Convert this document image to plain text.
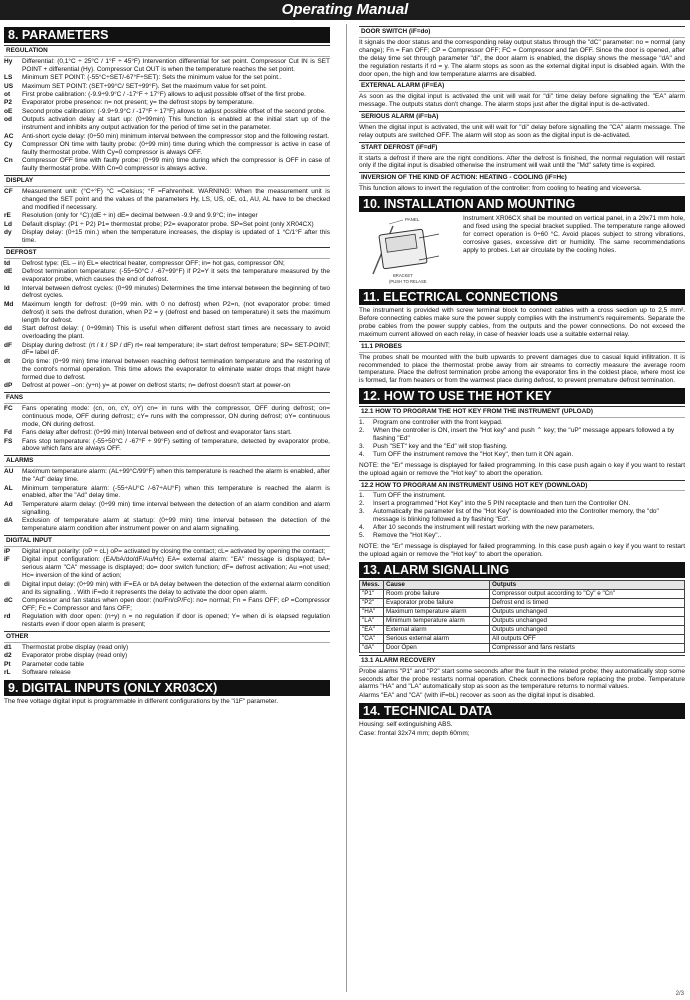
Operating Manual
8. PARAMETERS
REGULATION
Hy	Differential: (0,1°C ÷ 25°C / 1°F ÷ 45°F) Intervention differential for set point. Compressor Cut IN is SET POINT + differential (Hy). Compressor Cut OUT is when the temperature reaches the set point.
LS	Minimum SET POINT: (-55°C÷SET/-67°F÷SET): Sets the minimum value for the set point..
US	Maximum SET POINT: (SET÷99°C/ SET÷99°F). Set the maximum value for set point.
ot	First probe calibration: (-9.9÷9.9°C / -17°F ÷ 17°F) allows to adjust possible offset of the first probe.
P2	Evaporator probe presence: n= not present; y= the defrost stops by temperature.
oE	Second probe calibration: (-9.9÷9.9°C / -17°F ÷ 17°F) allows to adjust possible offset of the second probe.
od	Outputs activation delay at start up: (0÷99min) This function is enabled at the initial start up of the instrument and inhibits any output activation for the period of time set in the parameter.
AC	Anti-short cycle delay: (0÷50 min) minimum interval between the compressor stop and the following restart.
Cy	Compressor ON time with faulty probe: (0÷99 min) time during which the compressor is active in case of faulty thermostat probe. With Cy=0 compressor is always OFF.
Cn	Compressor OFF time with faulty probe: (0÷99 min) time during which the compressor is OFF in case of faulty thermostat probe. With Cn=0 compressor is always active.
DISPLAY
CF	Measurement unit: (°C÷°F) °C =Celsius; °F =Fahrenheit. WARNING: When the measurement unit is changed the SET point and the values of the parameters Hy, LS, US, oE, o1, AU, AL have to be checked and modified if necessary.
rE	Resolution (only for °C):(dE ÷ in) dE= decimal between -9.9 and 9.9°C; in= integer
Ld	Default display: (P1 ÷ P2) P1= thermostat probe; P2= evaporator probe. SP=Set point (only XR04CX)
dy	Display delay: (0÷15 min.) when the temperature increases, the display is updated of 1 °C/1°F after this time.
DEFROST
td	Defrost type: (EL – in) EL= electrical heater, compressor OFF; in= hot gas, compressor ON;
dE	Defrost termination temperature: (-55÷50°C / -67÷99°F) if P2=Y it sets the temperature measured by the evaporator probe, which causes the end of defrost.
Id	Interval between defrost cycles: (0÷99 minutes) Determines the time interval between the beginning of two defrost cycles.
Md	Maximum length for defrost: (0÷99 min. with 0 no defrost) when P2=n, (not evaporator probe: timed defrost) it sets the defrost duration, when P2 = y (defrost end based on temperature) it sets the maximum length for defrost.
dd	Start defrost delay: ( 0÷99min) This is useful when different defrost start times are necessary to avoid overloading the plant.
dF	Display during defrost: (rt / it / SP / dF) rt= real temperature; it= start defrost temperature; SP= SET-POINT; dF= label dF.
dt	Drip time: (0÷99 min) time interval between reaching defrost termination temperature and the restoring of the control's normal operation. This time allows the evaporator to eliminate water drops that might have formed due to defrost.
dP	Defrost at power –on: (y÷n) y= at power on defrost starts; n= defrost doesn't start at power-on
FANS
FC	Fans operating mode: (cn, on, cY, oY) cn= in runs with the compressor, OFF during defrost; on= continuous mode, OFF during defrost;; cY= runs with the compressor, ON during defrost; oY= continuous mode, ON during defrost.
Fd	Fans delay after defrost: (0÷99 min) Interval between end of defrost and evaporator fans start.
FS	Fans stop temperature: (-55÷50°C / -67°F ÷ 99°F) setting of temperature, detected by evaporator probe, above which fans are always OFF.
ALARMS
AU	Maximum temperature alarm: (AL÷99°C/99°F) when this temperature is reached the alarm is enabled, after the "Ad" delay time.
AL	Minimum temperature alarm: (-55÷AU°C /-67÷AU°F) when this temperature is reached the alarm is enabled, after the "Ad" delay time.
Ad	Temperature alarm delay: (0÷99 min) time interval between the detection of an alarm condition and alarm signalling.
dA	Exclusion of temperature alarm at startup: (0÷99 min) time interval between the detection of the temperature alarm condition after instrument power on and alarm signalling.
DIGITAL INPUT
iP	Digital input polarity: (oP ÷ cL) oP= activated by closing the contact; cL= activated by opening the contact;
iF	Digital input configuration: (EA/bA/do/dF/Au/Hc) EA= external alarm: "EA" message is displayed; bA= serious alarm "CA" message is displayed; do= door switch function; dF= defrost activation; Au =not used; Hc= inversion of the kind of action;
di	Digital input delay: (0÷99 min) with iF=EA or bA delay between the detection of the external alarm condition and its signalling. . With iF=do it represents the delay to activate the door open alarm.
dC	Compressor and fan status when open door: (no/Fn/cP/Fc): no= normal; Fn = Fans OFF; cP =Compressor OFF; Fc = Compressor and fans OFF;
rd	Regulation with door open: (n÷y) n = no regulation if door is opened; Y= when di is elapsed regulation restarts even if door open alarm is present;
OTHER
d1	Thermostat probe display (read only)
d2	Evaporator probe display (read only)
Pt	Parameter code table
rL	Software release
9. DIGITAL INPUTS (ONLY XR03CX)
The free voltage digital input is programmable in different configurations by the "i1F" parameter.
DOOR SWITCH (iF=do)
It signals the door status and the corresponding relay output status through the "dC" parameter: no = normal (any change); Fn = Fan OFF; CP = Compressor OFF; FC = Compressor and fan OFF. Since the door is opened, after the delay time set through parameter "di", the door alarm is enabled, the display shows the message "dA" and the regulation restarts if rd = y. The alarm stops as soon as the external digital input is disabled again. With the door open, the high and low temperature alarms are disabled.
EXTERNAL ALARM (iF=EA)
As soon as the digital input is activated the unit will wait for "di" time delay before signalling the "EA" alarm message. The outputs status don't change. The alarm stops just after the digital input is de-activated.
SERIOUS ALARM (iF=bA)
When the digital input is activated, the unit will wait for "di" delay before signalling the "CA" alarm message. The relay outputs are switched OFF. The alarm will stop as soon as the digital input is de-activated.
START DEFROST (iF=dF)
It starts a defrost if there are the right conditions. After the defrost is finished, the normal regulation will restart only if the digital input is disabled otherwise the instrument will wait until the "Md" safety time is expired.
INVERSION OF THE KIND OF ACTION: HEATING - COOLING (iF=Hc)
This function allows to invert the regulation of the controller: from cooling to heating and viceversa.
10. INSTALLATION AND MOUNTING
PANEL
BRACKET
(PUSH TO RELASE
Instrument XR06CX shall be mounted on vertical panel, in a 29x71 mm hole, and fixed using the special bracket supplied. The temperature range allowed for correct operation is 0÷60 °C. Avoid places subject to strong vibrations, corrosive gases, excessive dirt or humidity. The same recommendations apply to probes. Let air circulate by the cooling holes.
11. ELECTRICAL CONNECTIONS
The instrument is provided with screw terminal block to connect cables with a cross section up to 2,5 mm². Before connecting cables make sure the power supply complies with the instrument's requirements. Separate the probe cables from the power supply cables, from the outputs and the power connections. Do not exceed the maximum current allowed on each relay, in case of heavier loads use a suitable external relay.
11.1 PROBES
The probes shall be mounted with the bulb upwards to prevent damages due to casual liquid infiltration. It is recommended to place the thermostat probe away from air streams to correctly measure the average room temperature. Place the defrost termination probe among the evaporator fins in the coldest place, where most ice is formed, far from heaters or from the warmest place during defrost, to prevent premature defrost termination.
12. HOW TO USE THE HOT KEY
12.1 HOW TO PROGRAM THE HOT KEY FROM THE INSTRUMENT (UPLOAD)
1.	Program one controller with the front keypad.
2.	When the controller is ON, insert the "Hot key" and push ⌃ key; the "uP" message appears followed a by flashing "Ed"
3.	Push "SET" key and the "Ed" will stop flashing.
4.	Turn OFF the instrument remove the "Hot Key", then turn it ON again.
NOTE: the "Er" message is displayed for failed programming. In this case push again o key if you want to restart the upload again or remove the "Hot key" to abort the operation.
12.2 HOW TO PROGRAM AN INSTRUMENT USING HOT KEY (DOWNLOAD)
1.	Turn OFF the instrument.
2.	Insert a programmed "Hot Key" into the 5 PIN receptacle and then turn the Controller ON.
3.	Automatically the parameter list of the "Hot Key" is downloaded into the Controller memory, the "do" message is blinking followed a by flashing "Ed".
4.	After 10 seconds the instrument will restart working with the new parameters.
5.	Remove the "Hot Key"..
NOTE: the "Er" message is displayed for failed programming. In this case push again o key if you want to restart the upload again or remove the "Hot key" to abort the operation.
13. ALARM SIGNALLING
Mess.	Cause	Outputs
"P1"	Room probe failure	Compressor output according to "Cy" e "Cn"
"P2"	Evaporator probe failure	Defrost end is timed
"HA"	Maximum temperature alarm	Outputs unchanged
"LA"	Minimum temperature alarm	Outputs unchanged
"EA"	External alarm	Outputs unchanged
"CA"	Serious external alarm	All outputs OFF
"dA"	Door Open	Compressor and fans restarts
13.1 ALARM RECOVERY
Probe alarms "P1" and "P2" start some seconds after the fault in the related probe; they automatically stop some seconds after the probe restarts normal operation. Check connections before replacing the probe. Temperature alarms "HA" and "LA" automatically stop as soon as the temperature returns to normal values.
Alarms "EA" and "CA" (with iF=bL) recover as soon as the digital input is disabled.
14. TECHNICAL DATA
Housing: self extinguishing ABS.
Case: frontal 32x74 mm; depth 60mm;
2/3
